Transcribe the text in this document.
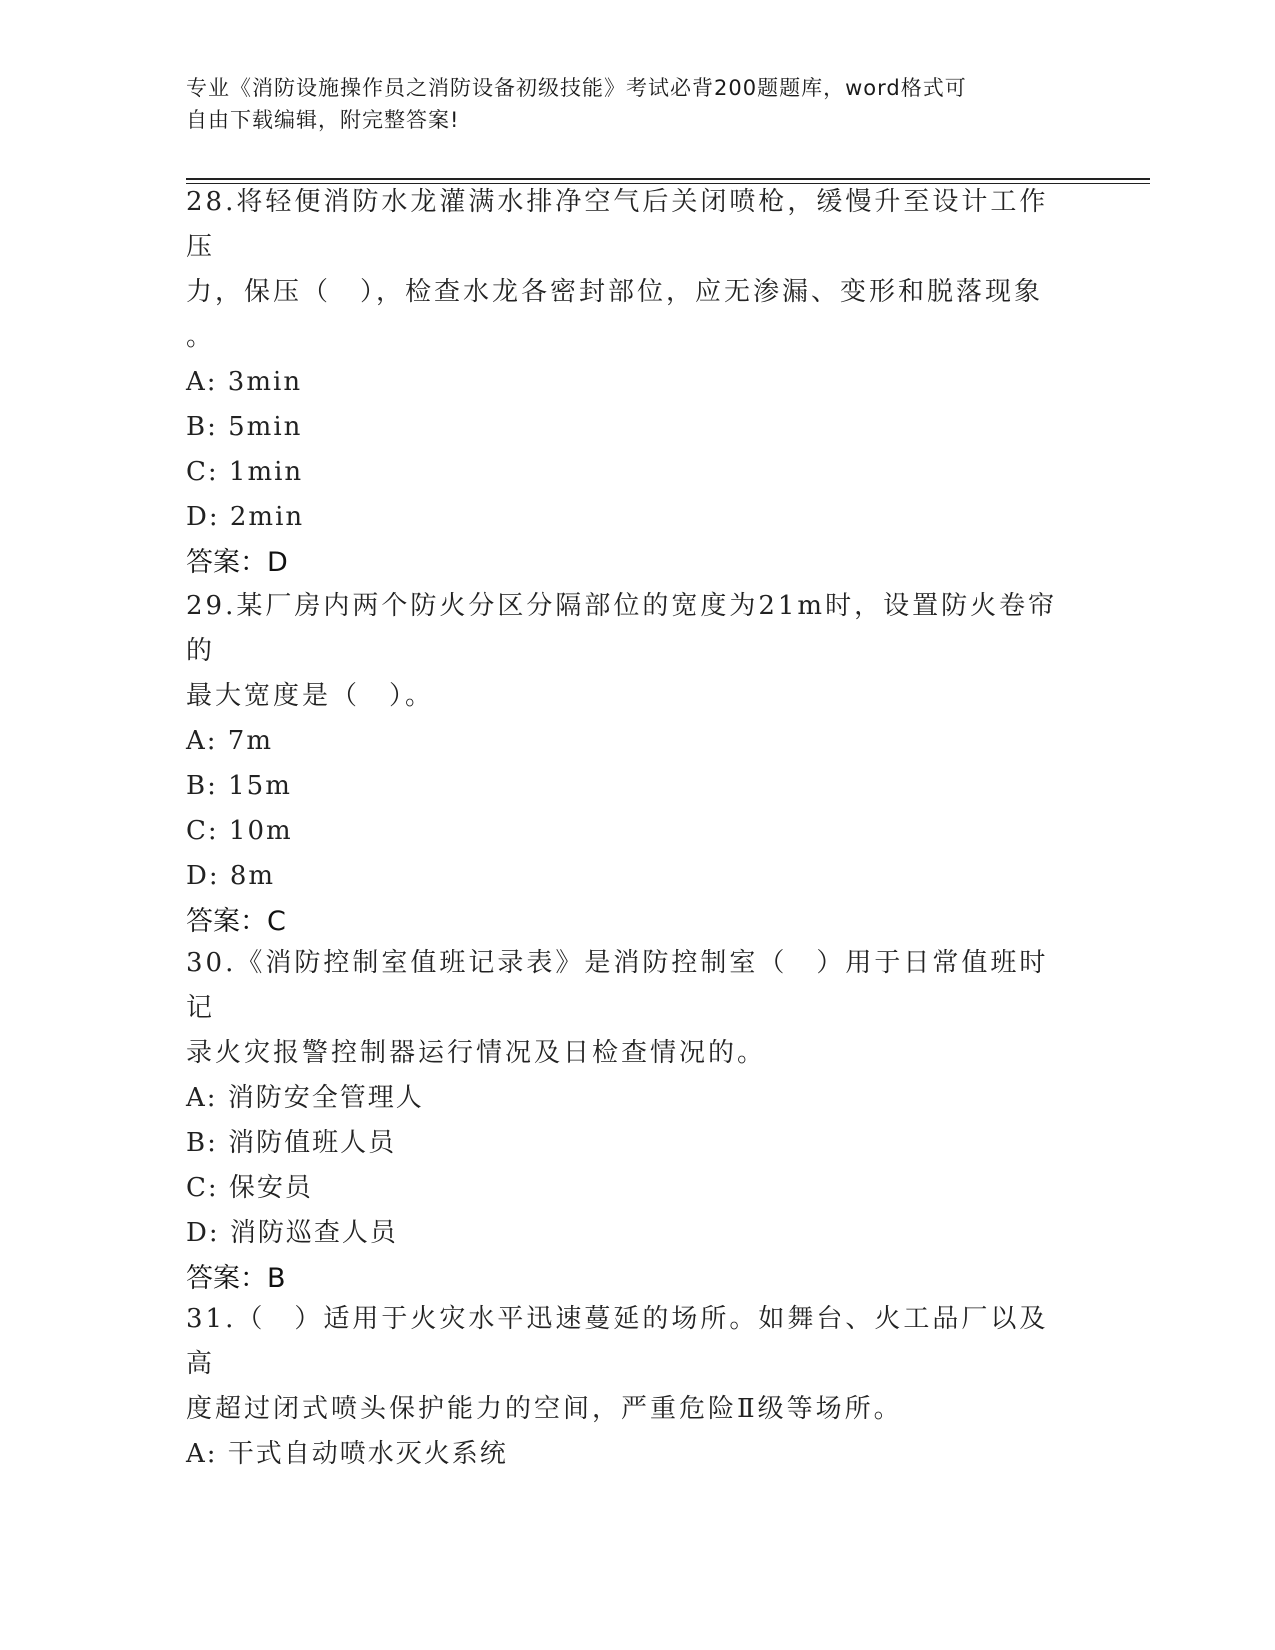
专业《消防设施操作员之消防设备初级技能》考试必背200题题库，word格式可
自由下载编辑，附完整答案!

28.将轻便消防水龙灌满水排净空气后关闭喷枪，缓慢升至设计工作压

力，保压（　），检查水龙各密封部位，应无渗漏、变形和脱落现象

。

A: 3min

B: 5min

C: 1min

D: 2min

答案：D

29.某厂房内两个防火分区分隔部位的宽度为21m时，设置防火卷帘的

最大宽度是（　）。

A: 7m

B: 15m

C: 10m

D: 8m

答案：C

30.《消防控制室值班记录表》是消防控制室（　）用于日常值班时记

录火灾报警控制器运行情况及日检查情况的。

A: 消防安全管理人

B: 消防值班人员

C: 保安员

D: 消防巡查人员

答案：B

31.（　）适用于火灾水平迅速蔓延的场所。如舞台、火工品厂以及高

度超过闭式喷头保护能力的空间，严重危险Ⅱ级等场所。

A: 干式自动喷水灭火系统
